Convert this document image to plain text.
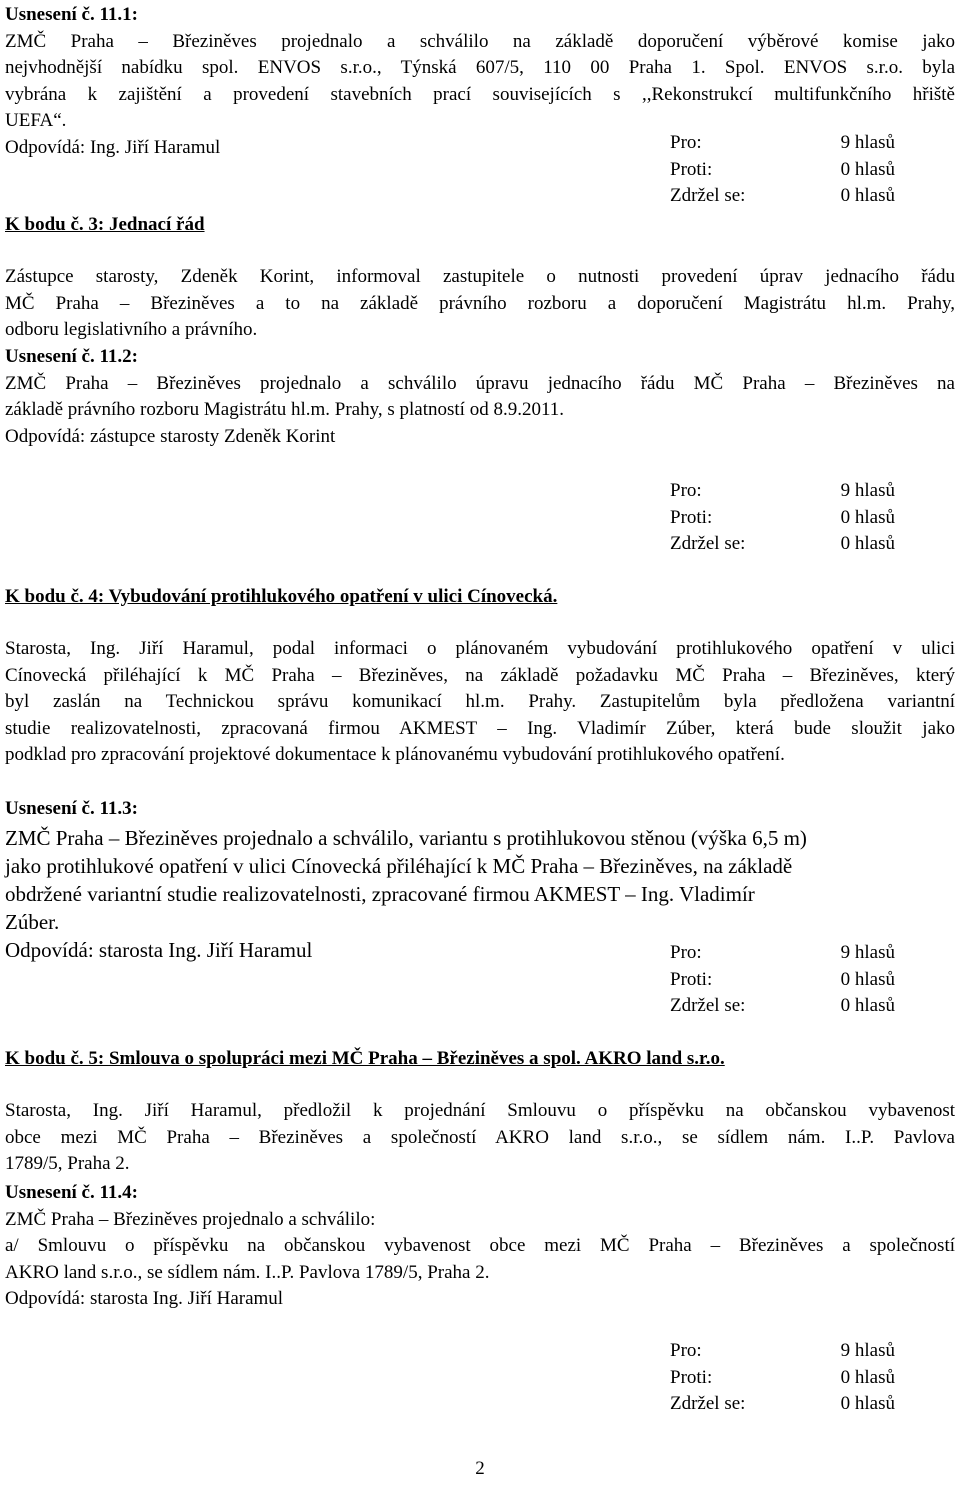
Usnesení č. 11.1:

ZMČ Praha – Březiněves projednalo a schválilo na základě doporučení výběrové komise jako

nejvhodnější nabídku spol. ENVOS s.r.o., Týnská 607/5, 110 00 Praha 1. Spol. ENVOS s.r.o. byla

vybrána k zajištění a provedení stavebních prací souvisejících s ,,Rekonstrukcí multifunkčního hřiště

UEFA“.

Odpovídá: Ing. Jiří Haramul	Pro:	9 hlasů
Proti:	0 hlasů
Zdržel se:	0 hlasů

K bodu č. 3: Jednací řád

Zástupce starosty, Zdeněk Korint, informoval zastupitele o nutnosti provedení úprav jednacího řádu

MČ Praha – Březiněves a to na základě právního rozboru a doporučení Magistrátu hl.m. Prahy,

odboru legislativního a právního.

Usnesení č. 11.2:

ZMČ Praha – Březiněves projednalo a schválilo úpravu jednacího řádu MČ Praha – Březiněves na

základě právního rozboru Magistrátu hl.m. Prahy, s platností od 8.9.2011.

Odpovídá: zástupce starosty Zdeněk Korint

Pro:	9 hlasů
Proti:	0 hlasů
Zdržel se:	0 hlasů

K bodu č. 4: Vybudování protihlukového opatření v ulici Cínovecká.

Starosta, Ing. Jiří Haramul, podal informaci o plánovaném vybudování protihlukového opatření v ulici

Cínovecká přiléhající k MČ Praha – Březiněves, na základě požadavku MČ Praha – Březiněves, který

byl zaslán na Technickou správu komunikací hl.m. Prahy. Zastupitelům byla předložena variantní

studie realizovatelnosti, zpracovaná firmou AKMEST – Ing. Vladimír Zúber, která bude sloužit jako

podklad pro zpracování projektové dokumentace k plánovanému vybudování protihlukového opatření.

Usnesení č. 11.3:

ZMČ Praha – Březiněves projednalo a schválilo, variantu s protihlukovou stěnou (výška 6,5 m)

jako protihlukové opatření v ulici Cínovecká přiléhající k MČ Praha – Březiněves, na základě

obdržené variantní studie realizovatelnosti, zpracované firmou AKMEST – Ing. Vladimír

Zúber.

Odpovídá: starosta Ing. Jiří Haramul	Pro:	9 hlasů
Proti:	0 hlasů
Zdržel se:	0 hlasů

K bodu č. 5: Smlouva o spolupráci mezi MČ Praha – Březiněves a spol. AKRO land s.r.o.

Starosta, Ing. Jiří Haramul, předložil k projednání Smlouvu o příspěvku na občanskou vybavenost

obce mezi MČ Praha – Březiněves a společností AKRO land s.r.o., se sídlem nám. I..P. Pavlova

1789/5, Praha 2.

Usnesení č. 11.4:

ZMČ Praha – Březiněves projednalo a schválilo:

a/ Smlouvu o příspěvku na občanskou vybavenost obce mezi MČ Praha – Březiněves a společností

AKRO land s.r.o., se sídlem nám. I..P. Pavlova 1789/5, Praha 2.

Odpovídá: starosta Ing. Jiří Haramul

Pro:	9 hlasů
Proti:	0 hlasů
Zdržel se:	0 hlasů
2
